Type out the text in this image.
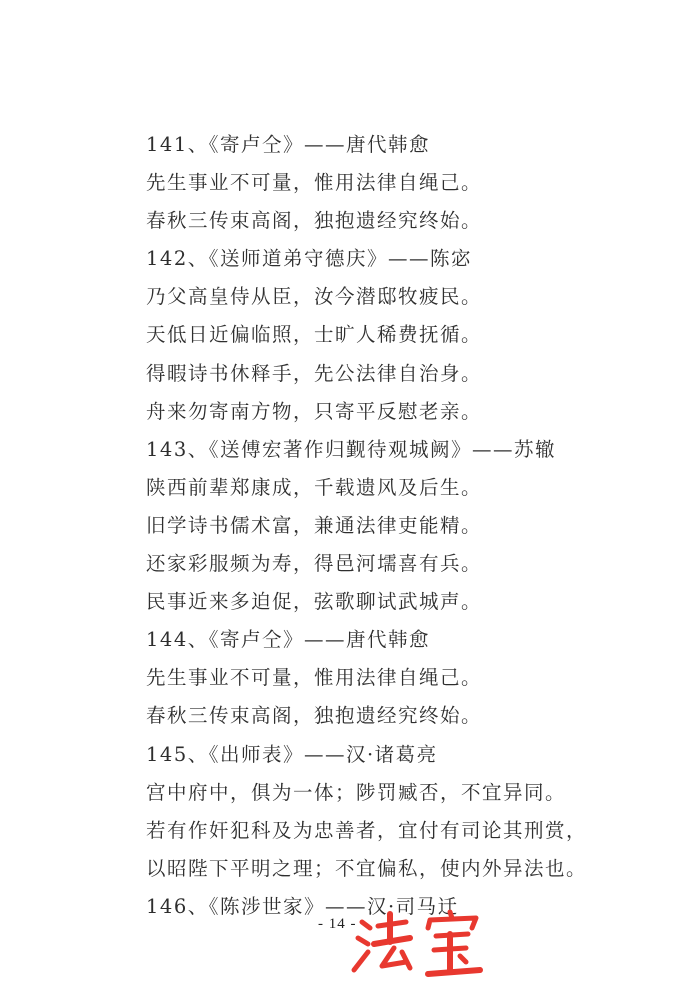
141、《寄卢仝》——唐代韩愈
先生事业不可量，惟用法律自绳己。
春秋三传束高阁，独抱遗经究终始。
142、《送师道弟守德庆》——陈宓
乃父高皇侍从臣，汝今潜邸牧疲民。
天低日近偏临照，士旷人稀费抚循。
得暇诗书休释手，先公法律自治身。
舟来勿寄南方物，只寄平反慰老亲。
143、《送傅宏著作归觐待观城阙》——苏辙
陕西前辈郑康成，千载遗风及后生。
旧学诗书儒术富，兼通法律吏能精。
还家彩服频为寿，得邑河壖喜有兵。
民事近来多迫促，弦歌聊试武城声。
144、《寄卢仝》——唐代韩愈
先生事业不可量，惟用法律自绳己。
春秋三传束高阁，独抱遗经究终始。
145、《出师表》——汉·诸葛亮
宫中府中，俱为一体；陟罚臧否，不宜异同。
若有作奸犯科及为忠善者，宜付有司论其刑赏，
以昭陛下平明之理；不宜偏私，使内外异法也。
146、《陈涉世家》——汉·司马迁
- 14 -
